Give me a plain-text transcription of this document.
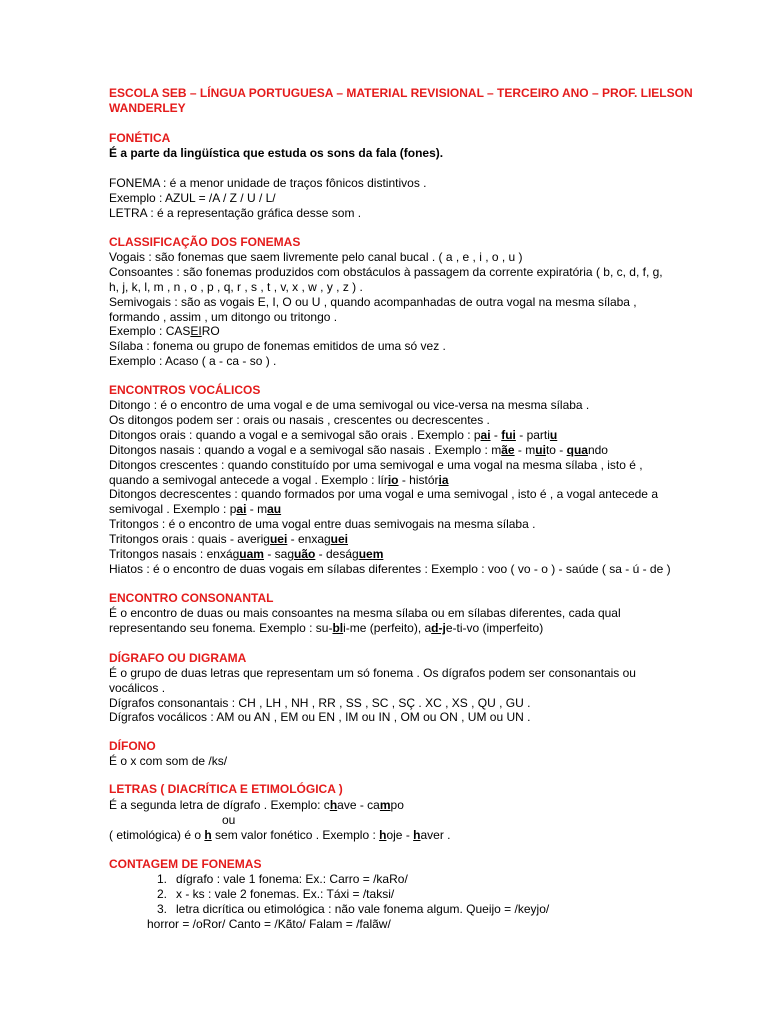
ESCOLA SEB – LÍNGUA PORTUGUESA – MATERIAL REVISIONAL – TERCEIRO ANO – PROF. LIELSON
WANDERLEY
FONÉTICA
É a parte da lingüística que estuda os sons da fala (fones).
FONEMA : é a menor unidade de traços fônicos distintivos .
Exemplo : AZUL = /A / Z / U / L/
LETRA : é a representação gráfica desse som .
CLASSIFICAÇÃO DOS FONEMAS
Vogais : são fonemas que saem livremente pelo canal bucal . ( a , e , i , o , u )
Consoantes : são fonemas produzidos com obstáculos à passagem da corrente expiratória ( b, c, d, f, g,
h, j, k, l, m , n , o , p , q, r , s , t , v, x , w , y , z ) .
Semivogais : são as vogais E, I, O ou U , quando acompanhadas de outra vogal na mesma sílaba ,
formando , assim , um ditongo ou tritongo .
Exemplo : CASEIRO
Sílaba : fonema ou grupo de fonemas emitidos de uma só vez .
Exemplo : Acaso ( a - ca - so ) .
ENCONTROS VOCÁLICOS
Ditongo : é o encontro de uma vogal e de uma semivogal ou vice-versa na mesma sílaba .
Os ditongos podem ser : orais ou nasais , crescentes ou decrescentes .
Ditongos orais : quando a vogal e a semivogal são orais . Exemplo : pai - fui - partiu
Ditongos nasais : quando a vogal e a semivogal são nasais . Exemplo : mãe - muito - quando
Ditongos crescentes : quando constituído por uma semivogal e uma vogal na mesma sílaba , isto é ,
quando a semivogal antecede a vogal . Exemplo : lírio - história
Ditongos decrescentes : quando formados por uma vogal e uma semivogal , isto é , a vogal antecede a
semivogal . Exemplo : pai - mau
Tritongos : é o encontro de uma vogal entre duas semivogais na mesma sílaba .
Tritongos orais : quais - averiguei - enxaguei
Tritongos nasais : enxáguam - saguão - deságuem
Hiatos : é o encontro de duas vogais em sílabas diferentes : Exemplo : voo ( vo - o ) - saúde ( sa - ú - de )
ENCONTRO CONSONANTAL
É o encontro de duas ou mais consoantes na mesma sílaba ou em sílabas diferentes, cada qual
representando seu fonema. Exemplo : su-bli-me (perfeito), ad-je-ti-vo (imperfeito)
DÍGRAFO OU DIGRAMA
É o grupo de duas letras que representam um só fonema . Os dígrafos podem ser consonantais ou
vocálicos .
Dígrafos consonantais : CH , LH , NH , RR , SS , SC , SÇ . XC , XS , QU , GU .
Dígrafos vocálicos : AM ou AN , EM ou EN , IM ou IN , OM ou ON , UM ou UN .
DÍFONO
É o x com som de /ks/
LETRAS ( DIACRÍTICA E ETIMOLÓGICA )
É a segunda letra de dígrafo . Exemplo: chave - campo
ou
( etimológica) é o h sem valor fonético . Exemplo : hoje - haver .
CONTAGEM DE FONEMAS
1. dígrafo : vale 1 fonema: Ex.: Carro = /kaRo/
2. x - ks : vale 2 fonemas. Ex.: Táxi = /taksi/
3. letra dicrítica ou etimológica : não vale fonema algum. Queijo = /keyjo/
horror = /oRor/ Canto = /Kãto/ Falam = /falãw/
